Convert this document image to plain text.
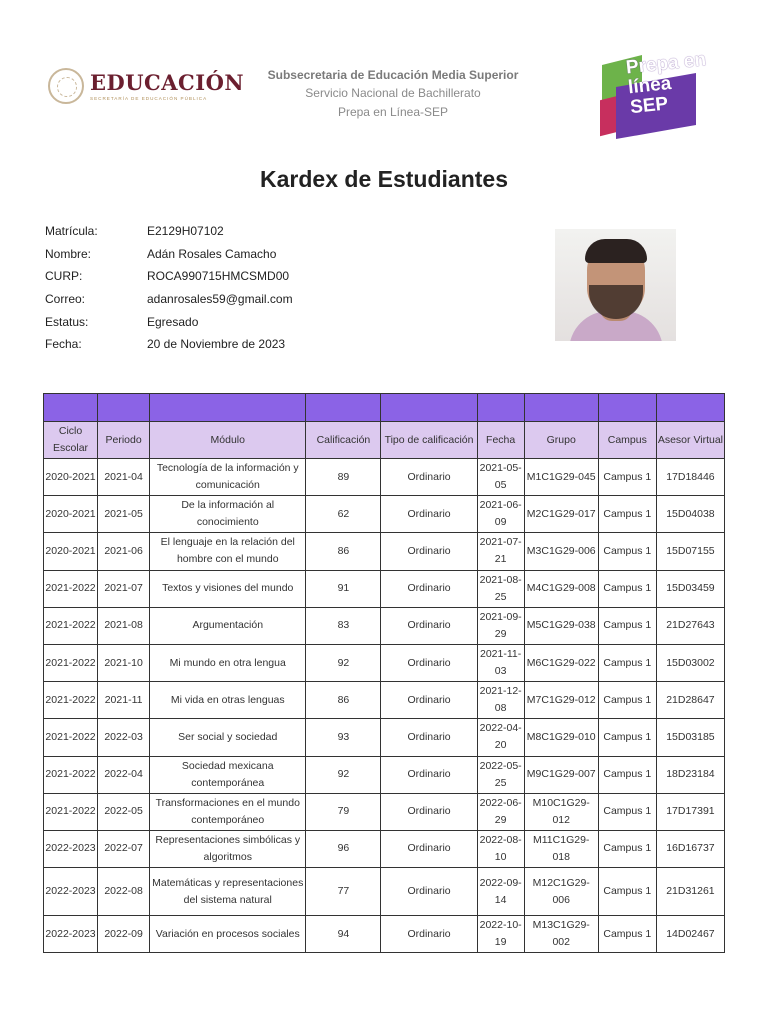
EDUCACIÓN
SECRETARÍA DE EDUCACIÓN PÚBLICA
Subsecretaria de Educación Media Superior
Servicio Nacional de Bachillerato
Prepa en Línea-SEP
Prepa en
línea
SEP
Kardex de Estudiantes
Matrícula:	E2129H07102
Nombre:	Adán Rosales Camacho
CURP:	ROCA990715HMCSMD00
Correo:	adanrosales59@gmail.com
Estatus:	Egresado
Fecha:	20 de Noviembre de 2023

Ciclo Escolar	Periodo	Módulo	Calificación	Tipo de calificación	Fecha	Grupo	Campus	Asesor Virtual
2020-2021	2021-04	Tecnología de la información y comunicación	89	Ordinario	2021-05-05	M1C1G29-045	Campus 1	17D18446
2020-2021	2021-05	De la información al conocimiento	62	Ordinario	2021-06-09	M2C1G29-017	Campus 1	15D04038
2020-2021	2021-06	El lenguaje en la relación del hombre con el mundo	86	Ordinario	2021-07-21	M3C1G29-006	Campus 1	15D07155
2021-2022	2021-07	Textos y visiones del mundo	91	Ordinario	2021-08-25	M4C1G29-008	Campus 1	15D03459
2021-2022	2021-08	Argumentación	83	Ordinario	2021-09-29	M5C1G29-038	Campus 1	21D27643
2021-2022	2021-10	Mi mundo en otra lengua	92	Ordinario	2021-11-03	M6C1G29-022	Campus 1	15D03002
2021-2022	2021-11	Mi vida en otras lenguas	86	Ordinario	2021-12-08	M7C1G29-012	Campus 1	21D28647
2021-2022	2022-03	Ser social y sociedad	93	Ordinario	2022-04-20	M8C1G29-010	Campus 1	15D03185
2021-2022	2022-04	Sociedad mexicana contemporánea	92	Ordinario	2022-05-25	M9C1G29-007	Campus 1	18D23184
2021-2022	2022-05	Transformaciones en el mundo contemporáneo	79	Ordinario	2022-06-29	M10C1G29-012	Campus 1	17D17391
2022-2023	2022-07	Representaciones simbólicas y algoritmos	96	Ordinario	2022-08-10	M11C1G29-018	Campus 1	16D16737
2022-2023	2022-08	Matemáticas y representaciones del sistema natural	77	Ordinario	2022-09-14	M12C1G29-006	Campus 1	21D31261
2022-2023	2022-09	Variación en procesos sociales	94	Ordinario	2022-10-19	M13C1G29-002	Campus 1	14D02467
